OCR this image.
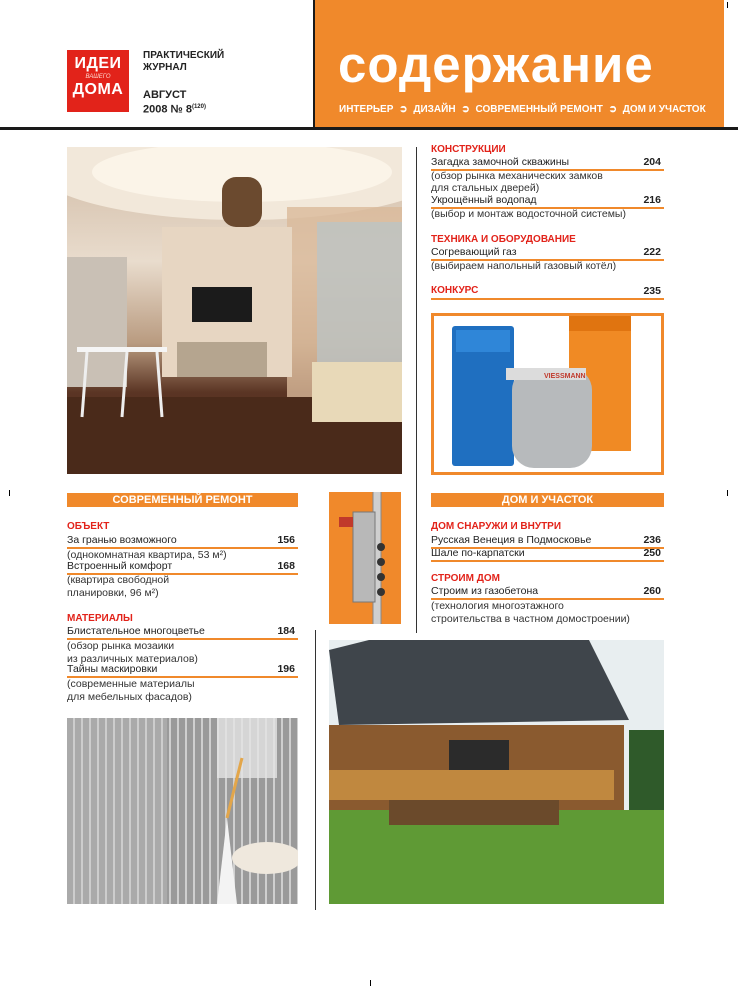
ИДЕИ
ВАШЕГО
ДОМА
ПРАКТИЧЕСКИЙ
ЖУРНАЛ
АВГУСТ
2008 № 8$^{(120)}$
содержание
ИНТЕРЬЕР ➲ ДИЗАЙН ➲ СОВРЕМЕННЫЙ РЕМОНТ ➲ ДОМ И УЧАСТОК
VIESSMANN
СОВРЕМЕННЫЙ РЕМОНТ
ОБЪЕКТ
За гранью возможного	156
(однокомнатная квартира, 53 м²)
Встроенный комфорт	168
(квартира свободной
планировки, 96 м²)
МАТЕРИАЛЫ
Блистательное многоцветье	184
(обзор рынка мозаики
из различных материалов)
Тайны маскировки	196
(современные материалы
для мебельных фасадов)
КОНСТРУКЦИИ
Загадка замочной скважины	204
(обзор рынка механических замков
для стальных дверей)
Укрощённый водопад	216
(выбор и монтаж водосточной системы)
ТЕХНИКА И ОБОРУДОВАНИЕ
Согревающий газ	222
(выбираем напольный газовый котёл)
КОНКУРС	235
ДОМ И УЧАСТОК
ДОМ СНАРУЖИ И ВНУТРИ
Русская Венеция в Подмосковье	236
Шале по-карпатски	250
СТРОИМ ДОМ
Строим из газобетона	260
(технология многоэтажного
строительства в частном домостроении)
